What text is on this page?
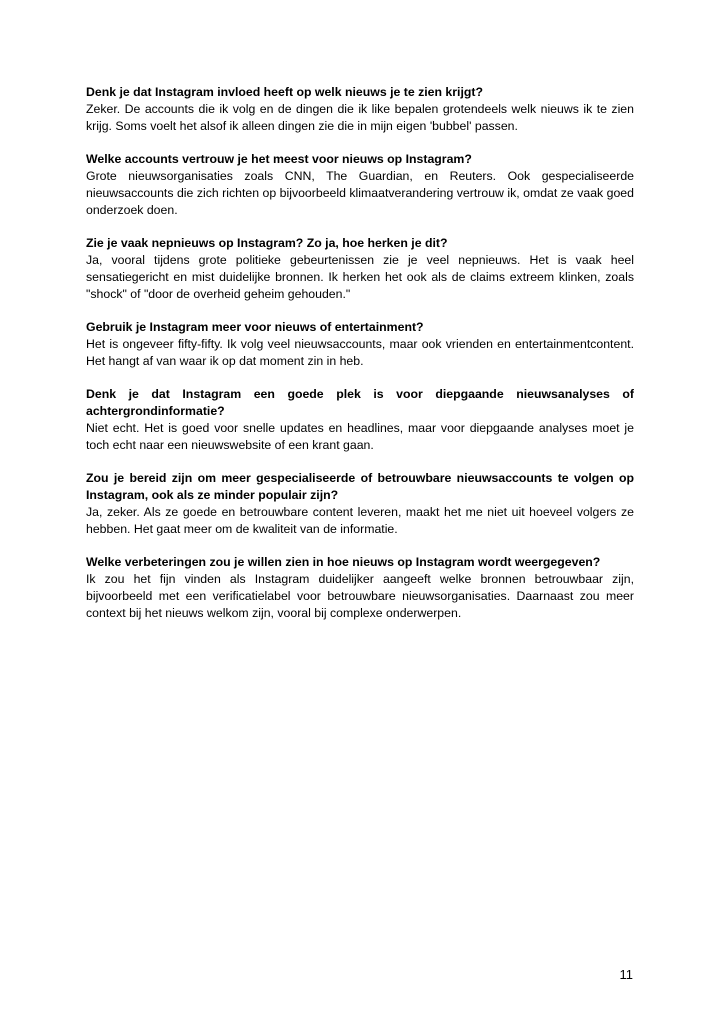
Denk je dat Instagram invloed heeft op welk nieuws je te zien krijgt?

Zeker. De accounts die ik volg en de dingen die ik like bepalen grotendeels welk nieuws ik te zien krijg. Soms voelt het alsof ik alleen dingen zie die in mijn eigen 'bubbel' passen.

Welke accounts vertrouw je het meest voor nieuws op Instagram?

Grote nieuwsorganisaties zoals CNN, The Guardian, en Reuters. Ook gespecialiseerde nieuwsaccounts die zich richten op bijvoorbeeld klimaatverandering vertrouw ik, omdat ze vaak goed onderzoek doen.

Zie je vaak nepnieuws op Instagram? Zo ja, hoe herken je dit?

Ja, vooral tijdens grote politieke gebeurtenissen zie je veel nepnieuws. Het is vaak heel sensatiegericht en mist duidelijke bronnen. Ik herken het ook als de claims extreem klinken, zoals "shock" of "door de overheid geheim gehouden."

Gebruik je Instagram meer voor nieuws of entertainment?

Het is ongeveer fifty-fifty. Ik volg veel nieuwsaccounts, maar ook vrienden en entertainmentcontent. Het hangt af van waar ik op dat moment zin in heb.

Denk je dat Instagram een goede plek is voor diepgaande nieuwsanalyses of achtergrondinformatie?

Niet echt. Het is goed voor snelle updates en headlines, maar voor diepgaande analyses moet je toch echt naar een nieuwswebsite of een krant gaan.

Zou je bereid zijn om meer gespecialiseerde of betrouwbare nieuwsaccounts te volgen op Instagram, ook als ze minder populair zijn?

Ja, zeker. Als ze goede en betrouwbare content leveren, maakt het me niet uit hoeveel volgers ze hebben. Het gaat meer om de kwaliteit van de informatie.

Welke verbeteringen zou je willen zien in hoe nieuws op Instagram wordt weergegeven?

Ik zou het fijn vinden als Instagram duidelijker aangeeft welke bronnen betrouwbaar zijn, bijvoorbeeld met een verificatielabel voor betrouwbare nieuwsorganisaties. Daarnaast zou meer context bij het nieuws welkom zijn, vooral bij complexe onderwerpen.

11
